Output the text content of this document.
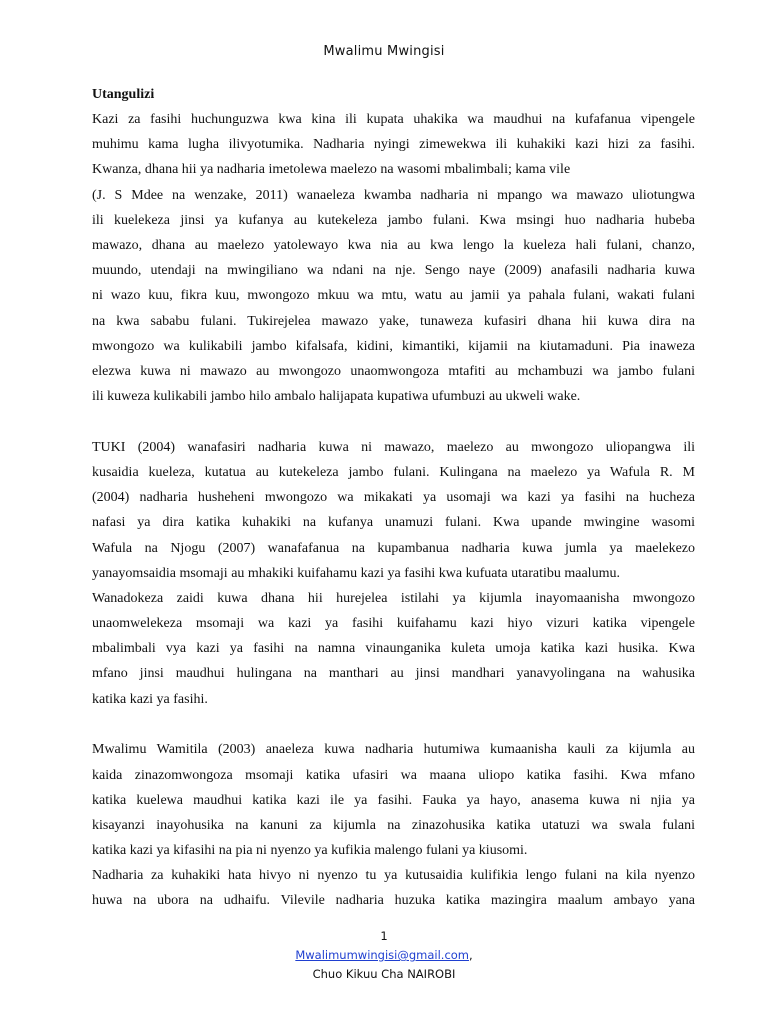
Mwalimu Mwingisi
Utangulizi
Kazi za fasihi huchunguzwa kwa kina ili kupata uhakika wa maudhui na kufafanua vipengele
muhimu kama lugha ilivyotumika. Nadharia nyingi zimewekwa ili kuhakiki kazi hizi za fasihi.
Kwanza, dhana hii ya nadharia imetolewa maelezo na wasomi mbalimbali; kama vile
(J. S Mdee na wenzake, 2011) wanaeleza kwamba nadharia ni mpango wa mawazo uliotungwa
ili kuelekeza jinsi ya kufanya au kutekeleza jambo fulani. Kwa msingi huo nadharia hubeba
mawazo, dhana au maelezo yatolewayo kwa nia au kwa lengo la kueleza hali fulani, chanzo,
muundo, utendaji na mwingiliano wa ndani na nje. Sengo naye (2009) anafasili nadharia kuwa
ni wazo kuu, fikra kuu, mwongozo mkuu wa mtu, watu au jamii ya pahala fulani, wakati fulani
na kwa sababu fulani. Tukirejelea mawazo yake, tunaweza kufasiri dhana hii kuwa dira na
mwongozo wa kulikabili jambo kifalsafa, kidini, kimantiki, kijamii na kiutamaduni. Pia inaweza
elezwa kuwa ni mawazo au mwongozo unaomwongoza mtafiti au mchambuzi wa jambo fulani
ili kuweza kulikabili jambo hilo ambalo halijapata kupatiwa ufumbuzi au ukweli wake.
TUKI (2004) wanafasiri nadharia kuwa ni mawazo, maelezo au mwongozo uliopangwa ili
kusaidia kueleza, kutatua au kutekeleza jambo fulani. Kulingana na maelezo ya Wafula R. M
(2004) nadharia husheheni mwongozo wa mikakati ya usomaji wa kazi ya fasihi na hucheza
nafasi ya dira katika kuhakiki na kufanya unamuzi fulani. Kwa upande mwingine wasomi
Wafula na Njogu (2007) wanafafanua na kupambanua nadharia kuwa jumla ya maelekezo
yanayomsaidia msomaji au mhakiki kuifahamu kazi ya fasihi kwa kufuata utaratibu maalumu.
Wanadokeza zaidi kuwa dhana hii hurejelea istilahi ya kijumla inayomaanisha mwongozo
unaomwelekeza msomaji wa kazi ya fasihi kuifahamu kazi hiyo vizuri katika vipengele
mbalimbali vya kazi ya fasihi na namna vinaunganika kuleta umoja katika kazi husika. Kwa
mfano jinsi maudhui hulingana na manthari au jinsi mandhari yanavyolingana na wahusika
katika kazi ya fasihi.
Mwalimu Wamitila (2003) anaeleza kuwa nadharia hutumiwa kumaanisha kauli za kijumla au
kaida zinazomwongoza msomaji katika ufasiri wa maana uliopo katika fasihi. Kwa mfano
katika kuelewa maudhui katika kazi ile ya fasihi. Fauka ya hayo, anasema kuwa ni njia ya
kisayanzi inayohusika na kanuni za kijumla na zinazohusika katika utatuzi wa swala fulani
katika kazi ya kifasihi na pia ni nyenzo ya kufikia malengo fulani ya kiusomi.
Nadharia za kuhakiki hata hivyo ni nyenzo tu ya kutusaidia kulifikia lengo fulani na kila nyenzo
huwa na ubora na udhaifu. Vilevile nadharia huzuka katika mazingira maalum ambayo yana
1
Mwalimumwingisi@gmail.com,
Chuo Kikuu Cha NAIROBI
